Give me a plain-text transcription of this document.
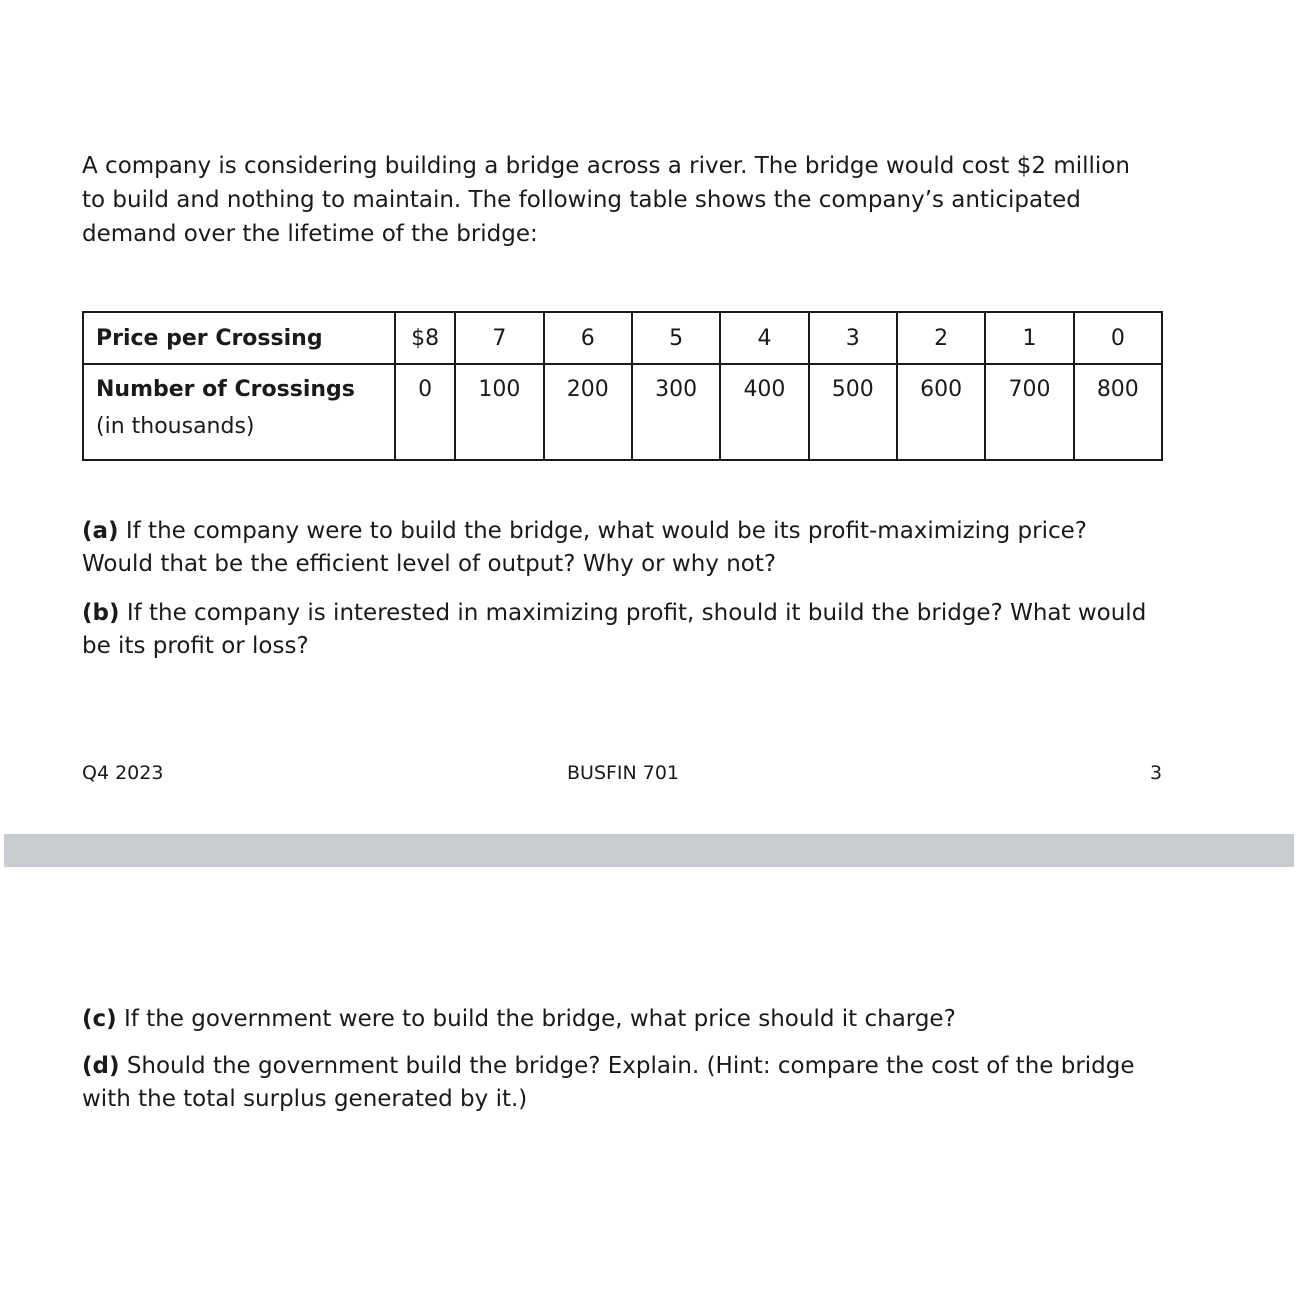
A company is considering building a bridge across a river. The bridge would cost $2 million to build and nothing to maintain. The following table shows the company’s anticipated demand over the lifetime of the bridge:

Price per Crossing	$8	7	6	5	4	3	2	1	0

Number of Crossings
(in thousands)	0	100	200	300	400	500	600	700	800

(a) If the company were to build the bridge, what would be its profit-maximizing price? Would that be the efficient level of output? Why or why not?

(b) If the company is interested in maximizing profit, should it build the bridge? What would be its profit or loss?

Q4 2023	BUSFIN 701	3

(c) If the government were to build the bridge, what price should it charge?

(d) Should the government build the bridge? Explain. (Hint: compare the cost of the bridge with the total surplus generated by it.)
